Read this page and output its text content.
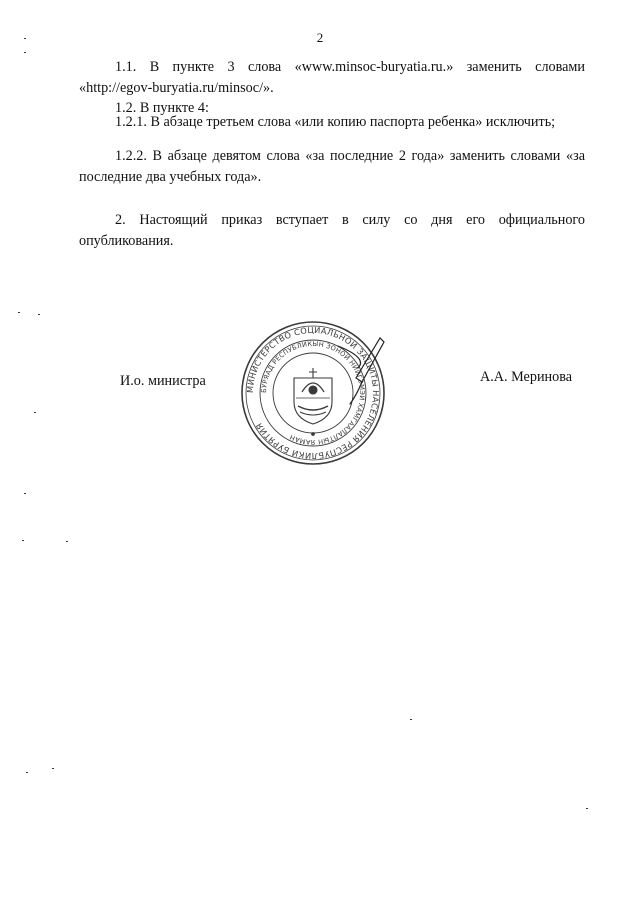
2
1.1. В пункте 3 слова «www.minsoc-buryatia.ru.» заменить словами «http://egov-buryatia.ru/minsoc/».
1.2. В пункте 4:
1.2.1. В абзаце третьем слова «или копию паспорта ребенка» исключить;
1.2.2. В абзаце девятом слова «за последние 2 года» заменить словами «за последние два учебных года».
2. Настоящий приказ вступает в силу со дня его официального опубликования.
И.о. министра	А.А. Меринова
МИНИСТЕРСТВО СОЦИАЛЬНОЙ ЗАЩИТЫ НАСЕЛЕНИЯ РЕСПУБЛИКИ БУРЯТИЯ
БУРЯАД РЕСПУБЛИКЫН ЗОНОЙ НИЙГЭМЭЙ ХАМГААЛАЛТЫН ЯАМАН
